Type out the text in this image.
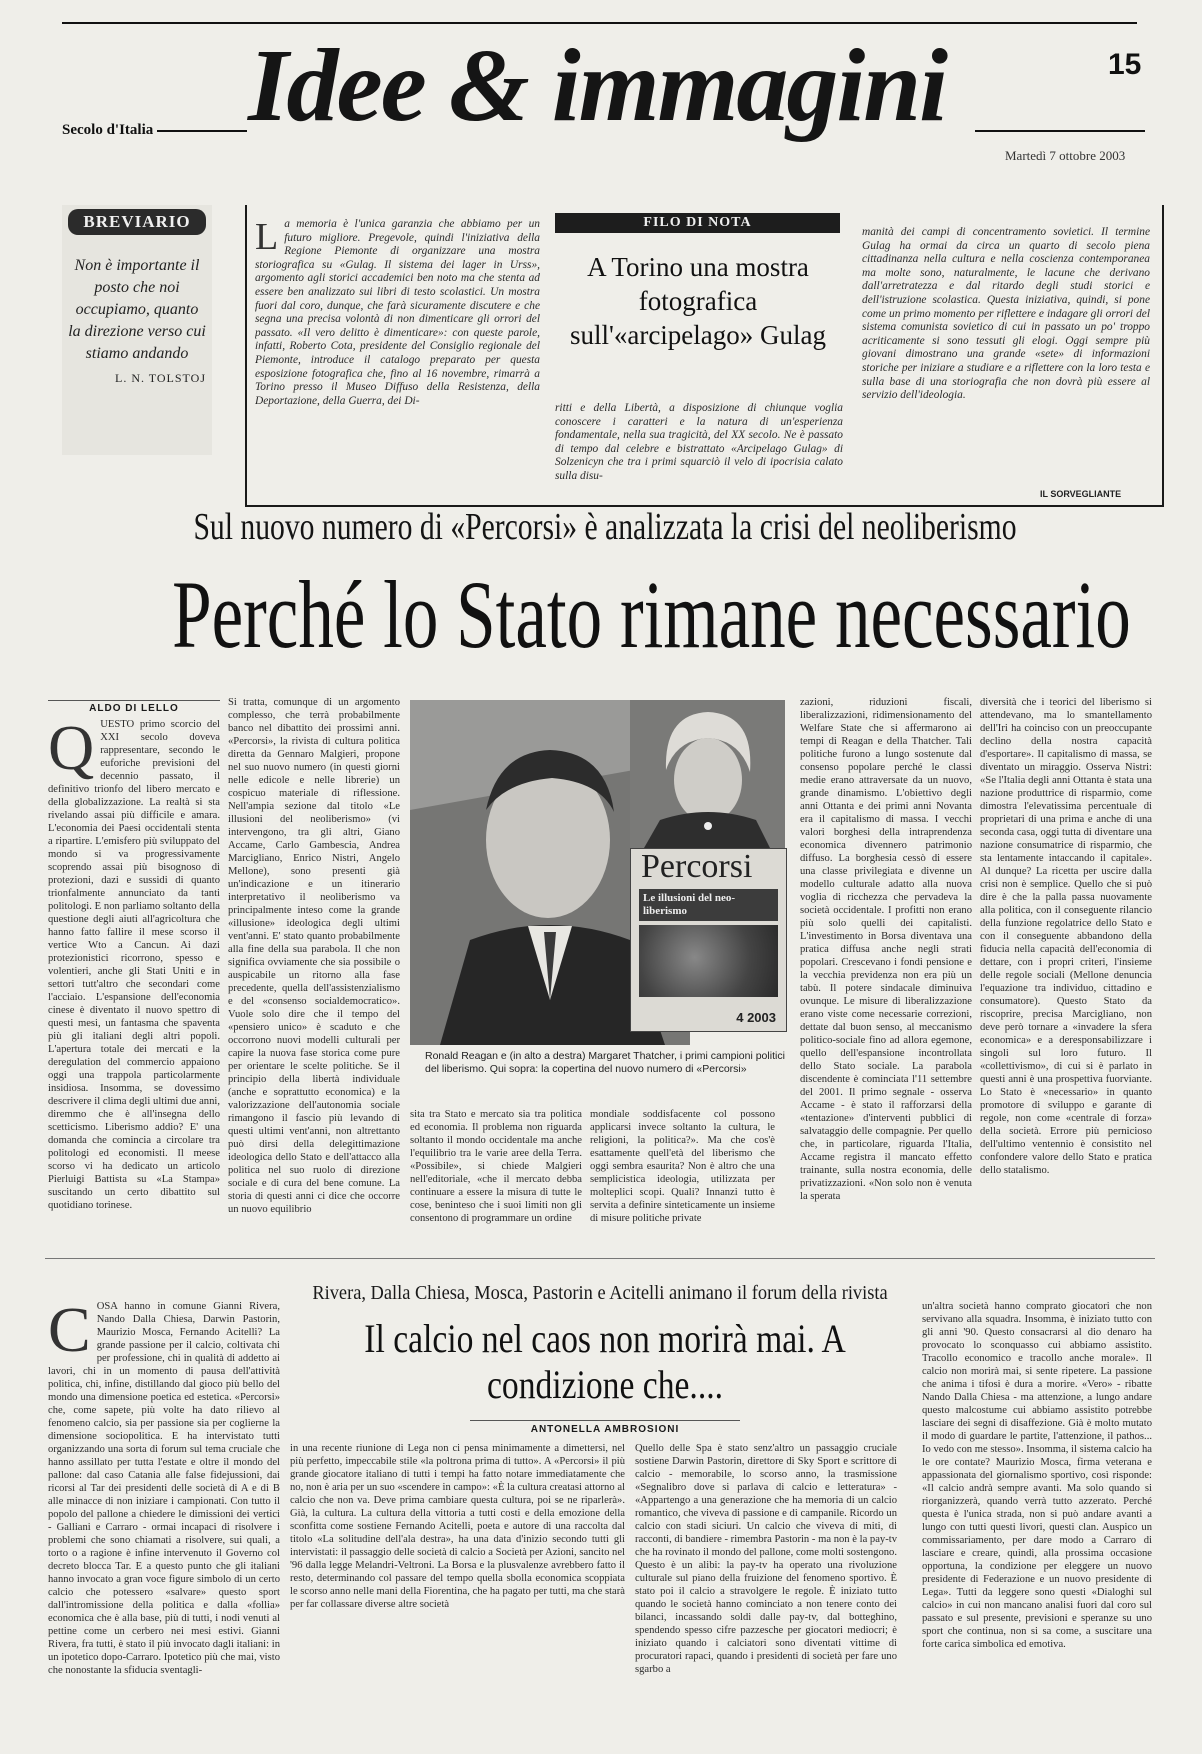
15
Secolo d'Italia Idee & immagini
Martedì 7 ottobre 2003
BREVIARIO
Non è importante il posto che noi occupiamo, quanto la direzione verso cui stiamo andando
L. N. TOLSTOJ
La memoria è l'unica garanzia che abbiamo per un futuro migliore. Pregevole, quindi l'iniziativa della Regione Piemonte di organizzare una mostra storiografica su «Gulag. Il sistema dei lager in Urss», argomento agli storici accademici ben noto ma che stenta ad essere ben analizzato sui libri di testo scolastici. Un mostra fuori dal coro, dunque, che farà sicuramente discutere e che segna una precisa volontà di non dimenticare gli orrori del passato. «Il vero delitto è dimenticare»: con queste parole, infatti, Roberto Cota, presidente del Consiglio regionale del Piemonte, introduce il catalogo preparato per questa esposizione fotografica che, fino al 16 novembre, rimarrà a Torino presso il Museo Diffuso della Resistenza, della Deportazione, della Guerra, dei Di-
FILO DI NOTA
A Torino una mostra fotografica sull'«arcipelago» Gulag
ritti e della Libertà, a disposizione di chiunque voglia conoscere i caratteri e la natura di un'esperienza fondamentale, nella sua tragicità, del XX secolo. Ne è passato di tempo dal celebre e bistrattato «Arcipelago Gulag» di Solzenicyn che tra i primi squarciò il velo di ipocrisia calato sulla disu-
manità dei campi di concentramento sovietici. Il termine Gulag ha ormai da circa un quarto di secolo piena cittadinanza nella cultura e nella coscienza contemporanea ma molte sono, naturalmente, le lacune che derivano dall'arretratezza e dal ritardo degli studi storici e dell'istruzione scolastica. Questa iniziativa, quindi, si pone come un primo momento per riflettere e indagare gli orrori del sistema comunista sovietico di cui in passato un po' troppo acriticamente si sono tessuti gli elogi. Oggi sempre più giovani dimostrano una grande «sete» di informazioni storiche per iniziare a studiare e a riflettere con la loro testa e sulla base di una storiografia che non dovrà più essere al servizio dell'ideologia.
IL SORVEGLIANTE
Sul nuovo numero di «Percorsi» è analizzata la crisi del neoliberismo
Perché lo Stato rimane necessario
ALDO DI LELLO
QUESTO primo scorcio del XXI secolo doveva rappresentare, secondo le euforiche previsioni del decennio passato, il definitivo trionfo del libero mercato e della globalizzazione. La realtà si sta rivelando assai più difficile e amara. L'economia dei Paesi occidentali stenta a ripartire. L'emisfero più sviluppato del mondo si va progressivamente scoprendo assai più bisognoso di protezioni, dazi e sussidi di quanto trionfalmente annunciato da tanti politologi. E non parliamo soltanto della questione degli aiuti all'agricoltura che hanno fatto fallire il mese scorso il vertice Wto a Cancun. Ai dazi protezionistici ricorrono, spesso e volentieri, anche gli Stati Uniti e in settori tutt'altro che secondari come l'acciaio. L'espansione dell'economia cinese è diventato il nuovo spettro di questi mesi, un fantasma che spaventa più gli italiani degli altri popoli. L'apertura totale dei mercati e la deregulation del commercio appaiono oggi una trappola particolarmente insidiosa. Insomma, se dovessimo descrivere il clima degli ultimi due anni, diremmo che è all'insegna dello scetticismo. Liberismo addio? E' una domanda che comincia a circolare tra politologi ed economisti. Il meese scorso vi ha dedicato un articolo Pierluigi Battista su «La Stampa» suscitando un certo dibattito sul quotidiano torinese.
Si tratta, comunque di un argomento complesso, che terrà probabilmente banco nel dibattito dei prossimi anni. «Percorsi», la rivista di cultura politica diretta da Gennaro Malgieri, propone nel suo nuovo numero (in questi giorni nelle edicole e nelle librerie) un cospicuo materiale di riflessione. Nell'ampia sezione dal titolo «Le illusioni del neoliberismo» (vi intervengono, tra gli altri, Giano Accame, Carlo Gambescia, Andrea Marcigliano, Enrico Nistri, Angelo Mellone), sono presenti già un'indicazione e un itinerario interpretativo il neoliberismo va principalmente inteso come la grande «illusione» ideologica degli ultimi vent'anni. E' stato quanto probabilmente alla fine della sua parabola. Il che non significa ovviamente che sia possibile o auspicabile un ritorno alla fase precedente, quella dell'assistenzialismo e del «consenso socialdemocratico». Vuole solo dire che il tempo del «pensiero unico» è scaduto e che occorrono nuovi modelli culturali per capire la nuova fase storica come pure per orientare le scelte politiche. Se il principio della libertà individuale (anche e soprattutto economica) e la valorizzazione dell'autonomia sociale rimangono il fascio più levando di questi ultimi vent'anni, non altrettanto può dirsi della delegittimazione ideologica dello Stato e dell'attacco alla politica nel suo ruolo di direzione sociale e di cura del bene comune. La storia di questi anni ci dice che occorre un nuovo equilibrio
Percorsi
Le illusioni del neo-liberismo
4 2003
Ronald Reagan e (in alto a destra) Margaret Thatcher, i primi campioni politici del liberismo. Qui sopra: la copertina del nuovo numero di «Percorsi»
sita tra Stato e mercato sia tra politica ed economia. Il problema non riguarda soltanto il mondo occidentale ma anche l'equilibrio tra le varie aree della Terra. «Possibile», si chiede Malgieri nell'editoriale, «che il mercato debba continuare a essere la misura di tutte le cose, beninteso che i suoi limiti non gli consentono di programmare un ordine
mondiale soddisfacente col possono applicarsi invece soltanto la cultura, le religioni, la politica?». Ma che cos'è esattamente quell'età del liberismo che oggi sembra esaurita? Non è altro che una semplicistica ideologia, utilizzata per molteplici scopi. Quali? Innanzi tutto è servita a definire sinteticamente un insieme di misure politiche private
zazioni, riduzioni fiscali, liberalizzazioni, ridimensionamento del Welfare State che si affermarono ai tempi di Reagan e della Thatcher. Tali politiche furono a lungo sostenute dal consenso popolare perché le classi medie erano attraversate da un nuovo, grande dinamismo. L'obiettivo degli anni Ottanta e dei primi anni Novanta era il capitalismo di massa. I vecchi valori borghesi della intraprendenza economica divennero patrimonio diffuso. La borghesia cessò di essere una classe privilegiata e divenne un modello culturale adatto alla nuova voglia di ricchezza che pervadeva la società occidentale. I profitti non erano più solo quelli dei capitalisti. L'investimento in Borsa diventava una pratica diffusa anche negli strati popolari. Crescevano i fondi pensione e la vecchia previdenza non era più un tabù. Il potere sindacale diminuiva ovunque. Le misure di liberalizzazione erano viste come necessarie correzioni, dettate dal buon senso, al meccanismo politico-sociale fino ad allora egemone, quello dell'espansione incontrollata dello Stato sociale. La parabola discendente è cominciata l'11 settembre del 2001. Il primo segnale - osserva Accame - è stato il rafforzarsi della «tentazione» d'interventi pubblici di salvataggio delle compagnie. Per quello che, in particolare, riguarda l'Italia, Accame registra il mancato effetto trainante, sulla nostra economia, delle privatizzazioni. «Non solo non è venuta la sperata
diversità che i teorici del liberismo si attendevano, ma lo smantellamento dell'Iri ha coinciso con un preoccupante declino della nostra capacità d'esportare». Il capitalismo di massa, se diventato un miraggio. Osserva Nistri: «Se l'Italia degli anni Ottanta è stata una nazione produttrice di risparmio, come dimostra l'elevatissima percentuale di proprietari di una prima e anche di una seconda casa, oggi tutta di diventare una nazione consumatrice di risparmio, che sta lentamente intaccando il capitale». Al dunque? La ricetta per uscire dalla crisi non è semplice. Quello che si può dire è che la palla passa nuovamente alla politica, con il conseguente rilancio della funzione regolatrice dello Stato e con il conseguente abbandono della fiducia nella capacità dell'economia di dettare, con i propri criteri, l'insieme delle regole sociali (Mellone denuncia l'equazione tra individuo, cittadino e consumatore). Questo Stato da riscoprire, precisa Marcigliano, non deve però tornare a «invadere la sfera economica» e a deresponsabilizzare i singoli sul loro futuro. Il «collettivismo», di cui si è parlato in questi anni è una prospettiva fuorviante. Lo Stato è «necessario» in quanto promotore di sviluppo e garante di regole, non come «centrale di forza» della società. Errore più pernicioso dell'ultimo ventennio è consistito nel confondere valore dello Stato e pratica dello statalismo.
Rivera, Dalla Chiesa, Mosca, Pastorin e Acitelli animano il forum della rivista
Il calcio nel caos non morirà mai. A condizione che....
ANTONELLA AMBROSIONI
COSA hanno in comune Gianni Rivera, Nando Dalla Chiesa, Darwin Pastorin, Maurizio Mosca, Fernando Acitelli? La grande passione per il calcio, coltivata chi per professione, chi in qualità di addetto ai lavori, chi in un momento di pausa dell'attività politica, chi, infine, distillando dal gioco più bello del mondo una dimensione poetica ed estetica. «Percorsi» che, come sapete, più volte ha dato rilievo al fenomeno calcio, sia per passione sia per coglierne la dimensione sociopolitica. E ha intervistato tutti organizzando una sorta di forum sul tema cruciale che hanno assillato per tutta l'estate e oltre il mondo del pallone: dal caso Catania alle false fidejussioni, dai ricorsi al Tar dei presidenti delle società di A e di B alle minacce di non iniziare i campionati. Con tutto il popolo del pallone a chiedere le dimissioni dei vertici - Galliani e Carraro - ormai incapaci di risolvere i problemi che sono chiamati a risolvere, sui quali, a torto o a ragione è infine intervenuto il Governo col decreto blocca Tar. E a questo punto che gli italiani hanno invocato a gran voce figure simbolo di un certo calcio che potessero «salvare» questo sport dall'intromissione della politica e dalla «follia» economica che è alla base, più di tutti, i nodi venuti al pettine come un cerbero nei mesi estivi. Gianni Rivera, fra tutti, è stato il più invocato dagli italiani: in un ipotetico dopo-Carraro. Ipotetico più che mai, visto che nonostante la sfiducia sventagli-
in una recente riunione di Lega non ci pensa minimamente a dimettersi, nel più perfetto, impeccabile stile «la poltrona prima di tutto». A «Percorsi» il più grande giocatore italiano di tutti i tempi ha fatto notare immediatamente che no, non è aria per un suo «scendere in campo»: «È la cultura creatasi attorno al calcio che non va. Deve prima cambiare questa cultura, poi se ne riparlerà». Già, la cultura. La cultura della vittoria a tutti costi e della emozione della sconfitta come sostiene Fernando Acitelli, poeta e autore di una raccolta dal titolo «La solitudine dell'ala destra», ha una data d'inizio secondo tutti gli intervistati: il passaggio delle società di calcio a Società per Azioni, sancito nel '96 dalla legge Melandri-Veltroni. La Borsa e la plusvalenze avrebbero fatto il resto, determinando col passare del tempo quella sbolla economica scoppiata le scorso anno nelle mani della Fiorentina, che ha pagato per tutti, ma che starà per far collassare diverse altre società
Quello delle Spa è stato senz'altro un passaggio cruciale sostiene Darwin Pastorin, direttore di Sky Sport e scrittore di calcio - memorabile, lo scorso anno, la trasmissione «Segnalibro dove si parlava di calcio e letteratura» - «Appartengo a una generazione che ha memoria di un calcio romantico, che viveva di passione e di campanile. Ricordo un calcio con stadi siciuri. Un calcio che viveva di miti, di racconti, di bandiere - rimembra Pastorin - ma non è la pay-tv che ha rovinato il mondo del pallone, come molti sostengono. Questo è un alibi: la pay-tv ha operato una rivoluzione culturale sul piano della fruizione del fenomeno sportivo. È stato poi il calcio a stravolgere le regole. È iniziato tutto quando le società hanno cominciato a non tenere conto dei bilanci, incassando soldi dalle pay-tv, dal botteghino, spendendo spesso cifre pazzesche per giocatori mediocri; è iniziato quando i calciatori sono diventati vittime di procuratori rapaci, quando i presidenti di società per fare uno sgarbo a
un'altra società hanno comprato giocatori che non servivano alla squadra. Insomma, è iniziato tutto con gli anni '90. Questo consacrarsi al dio denaro ha provocato lo sconquasso cui abbiamo assistito. Tracollo economico e tracollo anche morale». Il calcio non morirà mai, si sente ripetere. La passione che anima i tifosi è dura a morire. «Vero» - ribatte Nando Dalla Chiesa - ma attenzione, a lungo andare questo malcostume cui abbiamo assistito potrebbe lasciare dei segni di disaffezione. Già è molto mutato il modo di guardare le partite, l'attenzione, il pathos... Io vedo con me stesso». Insomma, il sistema calcio ha le ore contate? Maurizio Mosca, firma veterana e appassionata del giornalismo sportivo, così risponde: «Il calcio andrà sempre avanti. Ma solo quando si riorganizzerà, quando verrà tutto azzerato. Perché questa è l'unica strada, non si può andare avanti a lungo con tutti questi livori, questi clan. Auspico un commissariamento, per dare modo a Carraro di lasciare e creare, quindi, alla prossima occasione opportuna, la condizione per eleggere un nuovo presidente di Federazione e un nuovo presidente di Lega». Tutti da leggere sono questi «Dialoghi sul calcio» in cui non mancano analisi fuori dal coro sul passato e sul presente, previsioni e speranze su uno sport che continua, non si sa come, a suscitare una forte carica simbolica ed emotiva.
